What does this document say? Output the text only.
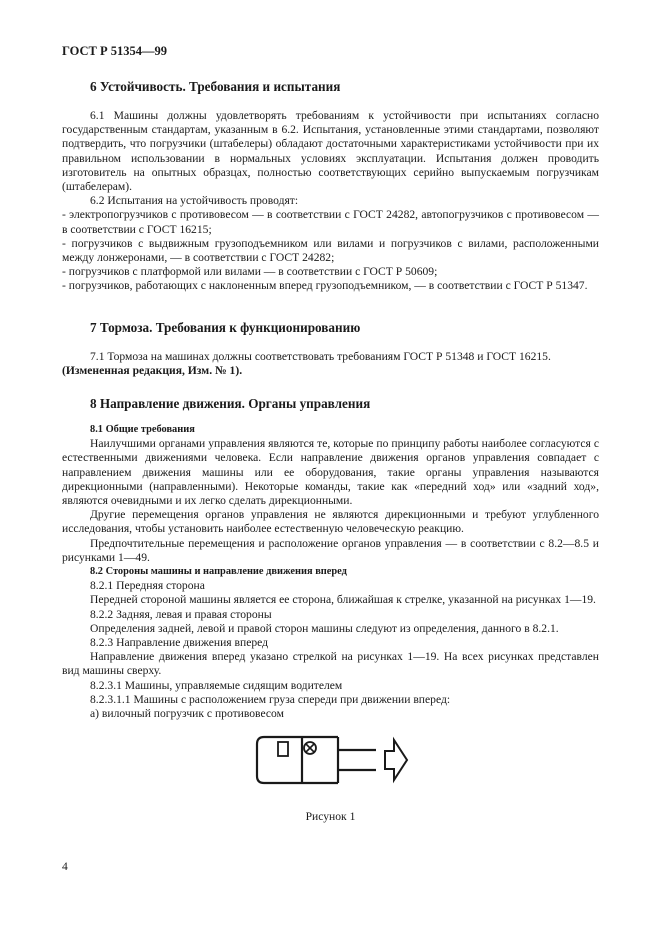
ГОСТ Р 51354—99
6 Устойчивость. Требования и испытания

6.1 Машины должны удовлетворять требованиям к устойчивости при испытаниях согласно государственным стандартам, указанным в 6.2. Испытания, установленные этими стандартами, позволяют подтвердить, что погрузчики (штабелеры) обладают достаточными характеристиками устойчивости при их правильном использовании в нормальных условиях эксплуатации. Испытания должен проводить изготовитель на опытных образцах, полностью соответствующих серийно выпускаемым погрузчикам (штабелерам).

6.2 Испытания на устойчивость проводят:

- электропогрузчиков с противовесом — в соответствии с ГОСТ 24282, автопогрузчиков с противовесом — в соответствии с ГОСТ 16215;

- погрузчиков с выдвижным грузоподъемником или вилами и погрузчиков с вилами, расположенными между лонжеронами, — в соответствии с ГОСТ 24282;

- погрузчиков с платформой или вилами — в соответствии с ГОСТ Р 50609;

- погрузчиков, работающих с наклоненным вперед грузоподъемником, — в соответствии с ГОСТ Р 51347.

7 Тормоза. Требования к функционированию

7.1 Тормоза на машинах должны соответствовать требованиям ГОСТ Р 51348 и ГОСТ 16215.

(Измененная редакция, Изм. № 1).

8 Направление движения. Органы управления

8.1 Общие требования

Наилучшими органами управления являются те, которые по принципу работы наиболее согласуются с естественными движениями человека. Если направление движения органов управления совпадает с направлением движения машины или ее оборудования, такие органы управления называются дирекционными (направленными). Некоторые команды, такие как «передний ход» или «задний ход», являются очевидными и их легко сделать дирекционными.

Другие перемещения органов управления не являются дирекционными и требуют углубленного исследования, чтобы установить наиболее естественную человеческую реакцию.

Предпочтительные перемещения и расположение органов управления — в соответствии с 8.2—8.5 и рисунками 1—49.

8.2 Стороны машины и направление движения вперед

8.2.1 Передняя сторона

Передней стороной машины является ее сторона, ближайшая к стрелке, указанной на рисунках 1—19.

8.2.2 Задняя, левая и правая стороны

Определения задней, левой и правой сторон машины следуют из определения, данного в 8.2.1.

8.2.3 Направление движения вперед

Направление движения вперед указано стрелкой на рисунках 1—19. На всех рисунках представлен вид машины сверху.

8.2.3.1 Машины, управляемые сидящим водителем

8.2.3.1.1 Машины с расположением груза спереди при движении вперед:

а) вилочный погрузчик с противовесом

Рисунок 1
4
